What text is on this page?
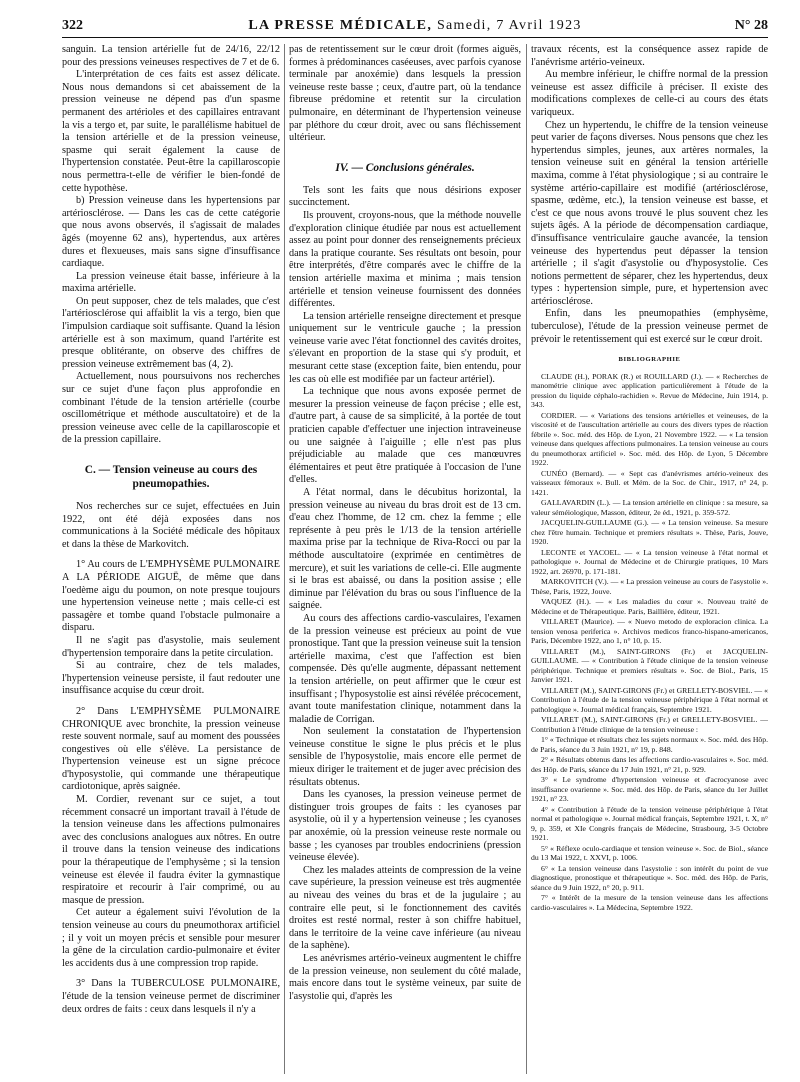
322	LA PRESSE MÉDICALE, Samedi, 7 Avril 1923	N° 28

sanguin. La tension artérielle fut de 24/16, 22/12 pour des pressions veineuses respectives de 7 et de 6.

L'interprétation de ces faits est assez délicate. Nous nous demandons si cet abaissement de la pression veineuse ne dépend pas d'un spasme permanent des artérioles et des capillaires entravant la vis a tergo et, par suite, le parallélisme habituel de la tension artérielle et de la pression veineuse, spasme qui serait également la cause de l'hypertension constatée. Peut-être la capillaroscopie nous permettra-t-elle de vérifier le bien-fondé de cette hypothèse.

b) Pression veineuse dans les hypertensions par artériosclérose. — Dans les cas de cette catégorie que nous avons observés, il s'agissait de malades âgés (moyenne 62 ans), hypertendus, aux artères dures et flexueuses, mais sans signe d'insuffisance cardiaque.

La pression veineuse était basse, inférieure à la maxima artérielle.

On peut supposer, chez de tels malades, que c'est l'artériosclérose qui affaiblit la vis a tergo, bien que l'impulsion cardiaque soit suffisante. Quand la lésion artérielle est à son maximum, quand l'artérite est presque oblitérante, on observe des chiffres de pression veineuse extrêmement bas (4, 2).

Actuellement, nous poursuivons nos recherches sur ce sujet d'une façon plus approfondie en combinant l'étude de la tension artérielle (courbe oscillométrique et méthode auscultatoire) et de la pression veineuse avec celle de la capillaroscopie et de la pression capillaire.

C. — Tension veineuse au cours des pneumopathies.

Nos recherches sur ce sujet, effectuées en Juin 1922, ont été déjà exposées dans nos communications à la Société médicale des hôpitaux et dans la thèse de Markovitch.

1° Au cours de L'EMPHYSÈME PULMONAIRE A LA PÉRIODE AIGUË, de même que dans l'oedème aigu du poumon, on note presque toujours une hypertension veineuse nette ; mais celle-ci est passagère et tombe quand l'obstacle pulmonaire a disparu.

Il ne s'agit pas d'asystolie, mais seulement d'hypertension temporaire dans la petite circulation.

Si au contraire, chez de tels malades, l'hypertension veineuse persiste, il faut redouter une insuffisance acquise du cœur droit.

2° Dans L'EMPHYSÈME PULMONAIRE CHRONIQUE avec bronchite, la pression veineuse reste souvent normale, sauf au moment des poussées congestives où elle s'élève. La persistance de l'hypertension veineuse est un signe précoce d'hyposystolie, qui commande une thérapeutique cardiotonique, après saignée.

M. Cordier, revenant sur ce sujet, a tout récemment consacré un important travail à l'étude de la tension veineuse dans les affections pulmonaires avec des conclusions analogues aux nôtres. En outre il trouve dans la tension veineuse des indications pour la thérapeutique de l'emphysème ; si la tension veineuse est élevée il faudra éviter la gymnastique respiratoire et recourir à l'air comprimé, ou au masque de pression.

Cet auteur a également suivi l'évolution de la tension veineuse au cours du pneumothorax artificiel ; il y voit un moyen précis et sensible pour mesurer la gêne de la circulation cardio-pulmonaire et éviter les accidents dus à une compression trop rapide.

3° Dans la TUBERCULOSE PULMONAIRE, l'étude de la tension veineuse permet de discriminer deux ordres de faits : ceux dans lesquels il n'y a

pas de retentissement sur le cœur droit (formes aiguës, formes à prédominances caséeuses, avec parfois cyanose terminale par anoxémie) dans lesquels la pression veineuse reste basse ; ceux, d'autre part, où la tendance fibreuse prédomine et retentit sur la circulation pulmonaire, en déterminant de l'hypertension veineuse par pléthore du cœur droit, avec ou sans fléchissement ultérieur.

IV. — Conclusions générales.

Tels sont les faits que nous désirions exposer succinctement.

Ils prouvent, croyons-nous, que la méthode nouvelle d'exploration clinique étudiée par nous est actuellement assez au point pour donner des renseignements précieux dans la pratique courante. Ses résultats ont besoin, pour être interprétés, d'être comparés avec le chiffre de la tension artérielle maxima et minima ; mais tension artérielle et tension veineuse fournissent des données différentes.

La tension artérielle renseigne directement et presque uniquement sur le ventricule gauche ; la pression veineuse varie avec l'état fonctionnel des cavités droites, s'élevant en proportion de la stase qui s'y produit, et mesurant cette stase (exception faite, bien entendu, pour les cas où elle est modifiée par un facteur artériel).

La technique que nous avons exposée permet de mesurer la pression veineuse de façon précise ; elle est, d'autre part, à cause de sa simplicité, à la portée de tout praticien capable d'effectuer une injection intraveineuse ou une saignée à l'aiguille ; elle n'est pas plus préjudiciable au malade que ces manœuvres élémentaires et peut être pratiquée à l'occasion de l'une d'elles.

A l'état normal, dans le décubitus horizontal, la pression veineuse au niveau du bras droit est de 13 cm. d'eau chez l'homme, de 12 cm. chez la femme ; elle représente à peu près le 1/13 de la tension artérielle maxima prise par la technique de Riva-Rocci ou par la méthode auscultatoire (exprimée en centimètres de mercure), et suit les variations de celle-ci. Elle augmente si le bras est abaissé, ou dans la position assise ; elle diminue par l'élévation du bras ou sous l'influence de la saignée.

Au cours des affections cardio-vasculaires, l'examen de la pression veineuse est précieux au point de vue pronostique. Tant que la pression veineuse suit la tension artérielle maxima, c'est que l'affection est bien compensée. Dès qu'elle augmente, dépassant nettement la tension artérielle, on peut affirmer que le cœur est insuffisant ; l'hyposystolie est ainsi révélée précocement, avant toute manifestation clinique, notamment dans la maladie de Corrigan.

Non seulement la constatation de l'hypertension veineuse constitue le signe le plus précis et le plus sensible de l'hyposystolie, mais encore elle permet de mieux diriger le traitement et de juger avec précision des résultats obtenus.

Dans les cyanoses, la pression veineuse permet de distinguer trois groupes de faits : les cyanoses par asystolie, où il y a hypertension veineuse ; les cyanoses par anoxémie, où la pression veineuse reste normale ou basse ; les cyanoses par troubles endocriniens (pression veineuse élevée).

Chez les malades atteints de compression de la veine cave supérieure, la pression veineuse est très augmentée au niveau des veines du bras et de la jugulaire ; au contraire elle peut, si le fonctionnement des cavités droites est resté normal, rester à son chiffre habituel, dans le territoire de la veine cave inférieure (au niveau de la saphène).

Les anévrismes artério-veineux augmentent le chiffre de la pression veineuse, non seulement du côté malade, mais encore dans tout le système veineux, par suite de l'asystolie qui, d'après les

travaux récents, est la conséquence assez rapide de l'anévrisme artério-veineux.

Au membre inférieur, le chiffre normal de la pression veineuse est assez difficile à préciser. Il existe des modifications complexes de celle-ci au cours des états variqueux.

Chez un hypertendu, le chiffre de la tension veineuse peut varier de façons diverses. Nous pensons que chez les hypertendus simples, jeunes, aux artères normales, la tension veineuse suit en général la tension artérielle maxima, comme à l'état physiologique ; si au contraire le système artério-capillaire est modifié (artériosclérose, spasme, œdème, etc.), la tension veineuse est basse, et c'est ce que nous avons trouvé le plus souvent chez les sujets âgés. A la période de décompensation cardiaque, d'insuffisance ventriculaire gauche avancée, la tension veineuse des hypertendus peut dépasser la tension artérielle ; il s'agit d'asystolie ou d'hyposystolie. Ces notions permettent de séparer, chez les hypertendus, deux types : hypertension simple, pure, et hypertension avec artériosclérose.

Enfin, dans les pneumopathies (emphysème, tuberculose), l'étude de la pression veineuse permet de prévoir le retentissement qui est exercé sur le cœur droit.

BIBLIOGRAPHIE

CLAUDE (H.), PORAK (R.) et ROUILLARD (J.). — « Recherches de manométrie clinique avec application particulièrement à l'étude de la pression du liquide céphalo-rachidien ». Revue de Médecine, Juin 1914, p. 343.

CORDIER. — « Variations des tensions artérielles et veineuses, de la viscosité et de l'auscultation artérielle au cours des divers types de réaction fébrile ». Soc. méd. des Hôp. de Lyon, 21 Novembre 1922. — « La tension veineuse dans quelques affections pulmonaires. La tension veineuse au cours du pneumothorax artificiel ». Soc. méd. des Hôp. de Lyon, 5 Décembre 1922.

CUNÉO (Bernard). — « Sept cas d'anévrismes artério-veineux des vaisseaux fémoraux ». Bull. et Mém. de la Soc. de Chir., 1917, n° 24, p. 1421.

GALLAVARDIN (L.). — La tension artérielle en clinique : sa mesure, sa valeur séméiologique, Masson, éditeur, 2e éd., 1921, p. 359-572.

JACQUELIN-GUILLAUME (G.). — « La tension veineuse. Sa mesure chez l'être humain. Technique et premiers résultats ». Thèse, Paris, Jouve, 1920.

LECONTE et YACOEL. — « La tension veineuse à l'état normal et pathologique ». Journal de Médecine et de Chirurgie pratiques, 10 Mars 1922, art. 26970, p. 171-181.

MARKOVITCH (V.). — « La pression veineuse au cours de l'asystolie ». Thèse, Paris, 1922, Jouve.

VAQUEZ (H.). — « Les maladies du cœur ». Nouveau traité de Médecine et de Thérapeutique. Paris, Baillière, éditeur, 1921.

VILLARET (Maurice). — « Nuevo metodo de exploracion clinica. La tension venosa periferica ». Archivos medicos franco-hispano-americanos, Paris, Décembre 1922, ano 1, n° 10, p. 15.

VILLARET (M.), SAINT-GIRONS (Fr.) et JACQUELIN-GUILLAUME. — « Contribution à l'étude clinique de la tension veineuse périphérique. Technique et premiers résultats ». Soc. de Biol., Paris, 15 Janvier 1921.

VILLARET (M.), SAINT-GIRONS (Fr.) et GRELLETY-BOSVIEL. — « Contribution à l'étude de la tension veineuse périphérique à l'état normal et pathologique ». Journal médical français, Septembre 1921.

VILLARET (M.), SAINT-GIRONS (Fr.) et GRELLETY-BOSVIEL. — Contribution à l'étude clinique de la tension veineuse :

1° « Technique et résultats chez les sujets normaux ». Soc. méd. des Hôp. de Paris, séance du 3 Juin 1921, n° 19, p. 848.

2° « Résultats obtenus dans les affections cardio-vasculaires ». Soc. méd. des Hôp. de Paris, séance du 17 Juin 1921, n° 21, p. 929.

3° « Le syndrome d'hypertension veineuse et d'acrocyanose avec insuffisance ovarienne ». Soc. méd. des Hôp. de Paris, séance du 1er Juillet 1921, n° 23.

4° « Contribution à l'étude de la tension veineuse périphérique à l'état normal et pathologique ». Journal médical français, Septembre 1921, t. X, n° 9, p. 359, et XIe Congrès français de Médecine, Strasbourg, 3-5 Octobre 1921.

5° « Réflexe oculo-cardiaque et tension veineuse ». Soc. de Biol., séance du 13 Mai 1922, t. XXVI, p. 1006.

6° « La tension veineuse dans l'asystolie : son intérêt du point de vue diagnostique, pronostique et thérapeutique ». Soc. méd. des Hôp. de Paris, séance du 9 Juin 1922, n° 20, p. 911.

7° « Intérêt de la mesure de la tension veineuse dans les affections cardio-vasculaires ». La Médecina, Septembre 1922.
